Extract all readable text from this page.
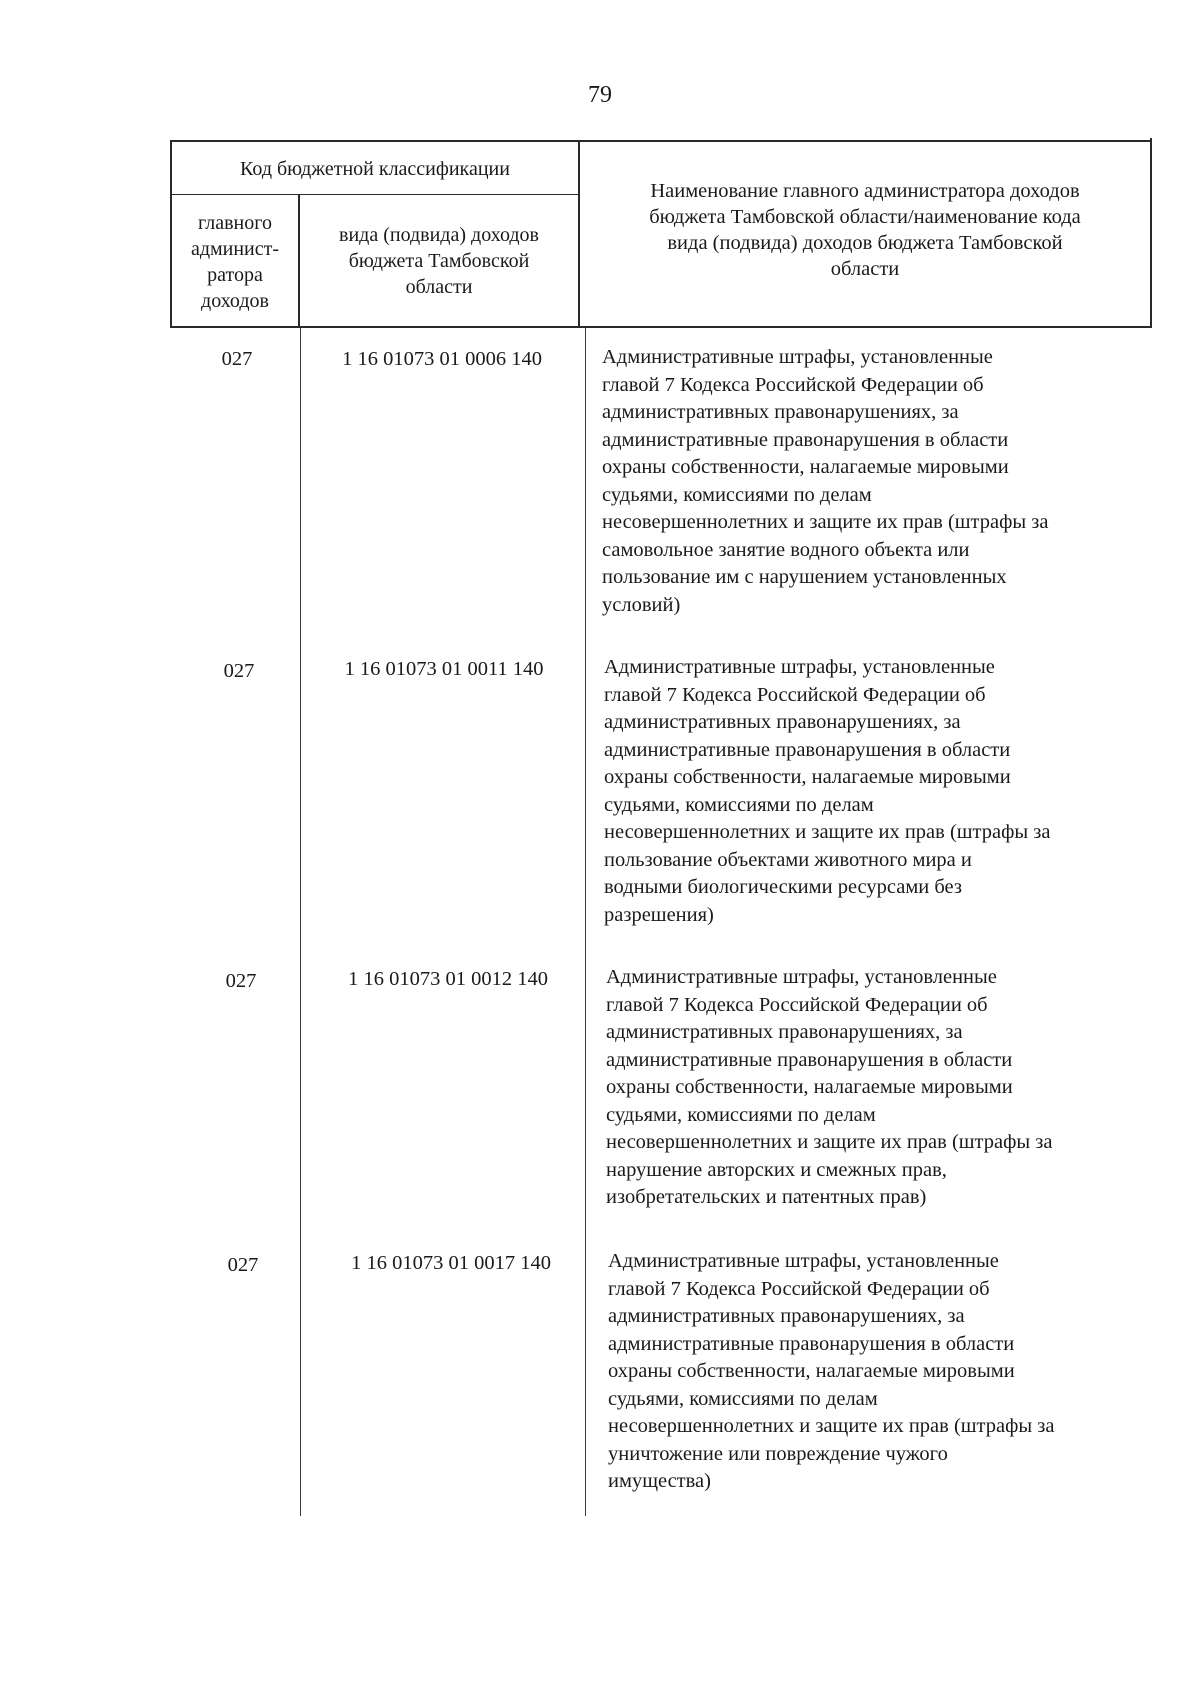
79
Код бюджетной классификации
главного
админист-
ратора
доходов
вида (подвида) доходов
бюджета Тамбовской
области
Наименование главного администратора доходов
бюджета Тамбовской области/наименование кода
вида (подвида) доходов бюджета Тамбовской
области
027	1 16 01073 01 0006 140	Административные штрафы, установленные
главой 7 Кодекса Российской Федерации об
административных правонарушениях, за
административные правонарушения в области
охраны собственности, налагаемые мировыми
судьями, комиссиями по делам
несовершеннолетних и защите их прав (штрафы за
самовольное занятие водного объекта или
пользование им с нарушением установленных
условий)
027	1 16 01073 01 0011 140	Административные штрафы, установленные
главой 7 Кодекса Российской Федерации об
административных правонарушениях, за
административные правонарушения в области
охраны собственности, налагаемые мировыми
судьями, комиссиями по делам
несовершеннолетних и защите их прав (штрафы за
пользование объектами животного мира и
водными биологическими ресурсами без
разрешения)
027	1 16 01073 01 0012 140	Административные штрафы, установленные
главой 7 Кодекса Российской Федерации об
административных правонарушениях, за
административные правонарушения в области
охраны собственности, налагаемые мировыми
судьями, комиссиями по делам
несовершеннолетних и защите их прав (штрафы за
нарушение авторских и смежных прав,
изобретательских и патентных прав)
027	1 16 01073 01 0017 140	Административные штрафы, установленные
главой 7 Кодекса Российской Федерации об
административных правонарушениях, за
административные правонарушения в области
охраны собственности, налагаемые мировыми
судьями, комиссиями по делам
несовершеннолетних и защите их прав (штрафы за
уничтожение или повреждение чужого
имущества)
